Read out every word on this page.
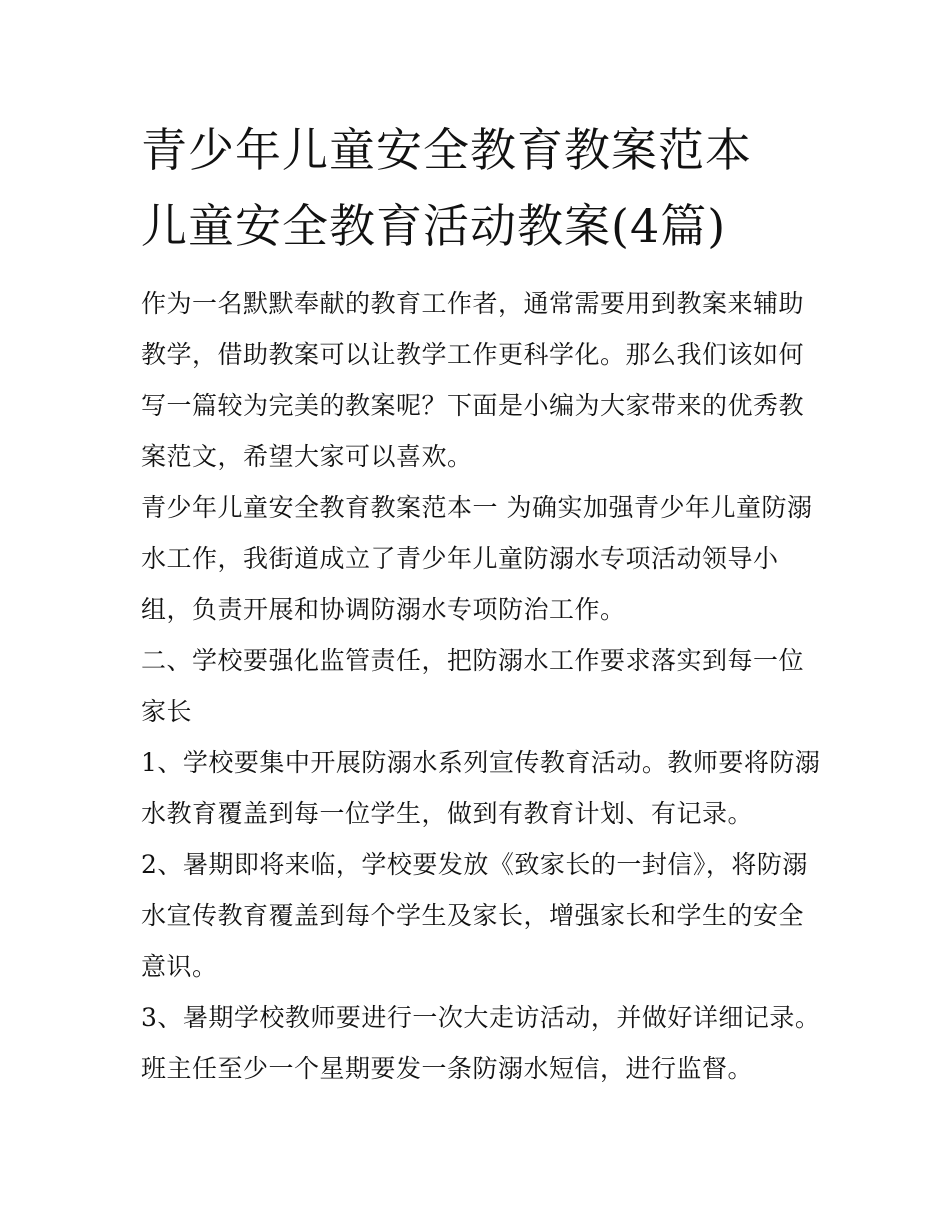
青少年儿童安全教育教案范本
儿童安全教育活动教案(4篇)

作为一名默默奉献的教育工作者，通常需要用到教案来辅助教学，借助教案可以让教学工作更科学化。那么我们该如何写一篇较为完美的教案呢？下面是小编为大家带来的优秀教案范文，希望大家可以喜欢。

青少年儿童安全教育教案范本一 为确实加强青少年儿童防溺水工作，我街道成立了青少年儿童防溺水专项活动领导小组，负责开展和协调防溺水专项防治工作。

二、学校要强化监管责任，把防溺水工作要求落实到每一位家长

1、学校要集中开展防溺水系列宣传教育活动。教师要将防溺水教育覆盖到每一位学生，做到有教育计划、有记录。

2、暑期即将来临，学校要发放《致家长的一封信》，将防溺水宣传教育覆盖到每个学生及家长，增强家长和学生的安全意识。

3、暑期学校教师要进行一次大走访活动，并做好详细记录。班主任至少一个星期要发一条防溺水短信，进行监督。
